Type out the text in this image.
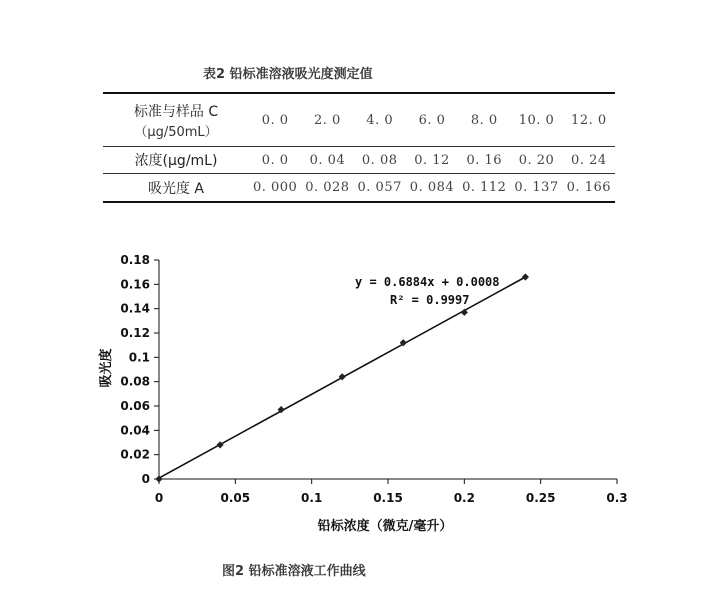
表2 铅标准溶液吸光度测定值
标准与样品 C
（μg/50mL）	0. 0	2. 0	4. 0	6. 0	8. 0	10. 0	12. 0
浓度(μg/mL)	0. 0	0. 04	0. 08	0. 12	0. 16	0. 20	0. 24
吸光度 A	0. 000	0. 028	0. 057	0. 084	0. 112	0. 137	0. 166
0
0.02
0.04
0.06
0.08
0.1
0.12
0.14
0.16
0.18
0	0.05	0.1	0.15	0.2	0.25	0.3
y = 0.6884x + 0.0008
R² = 0.9997
铅标浓度（微克/毫升）
吸光度
图2 铅标准溶液工作曲线
